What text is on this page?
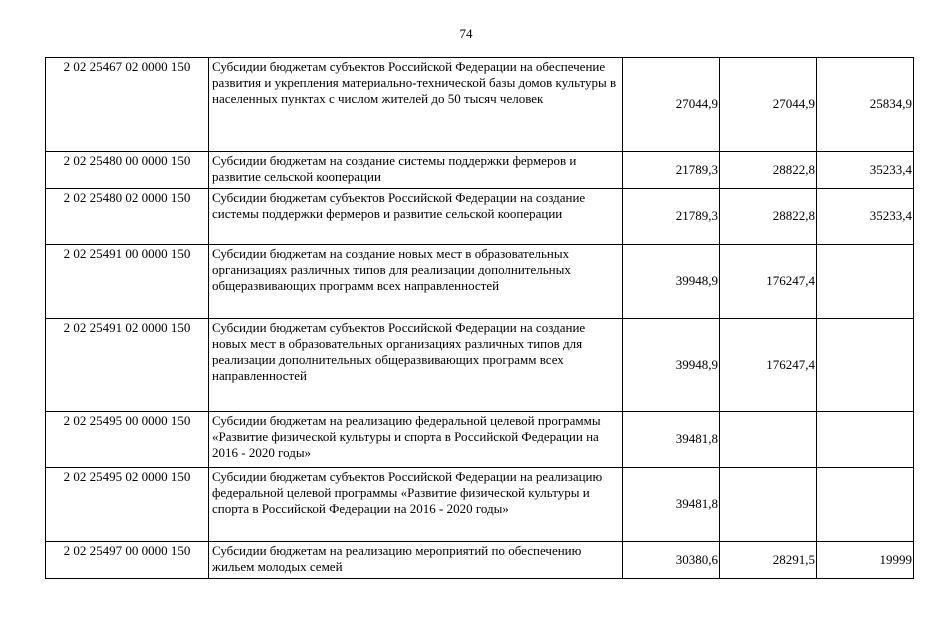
74
2 02 25467 02 0000 150	Субсидии бюджетам субъектов Российской Федерации на обеспечение развития и укрепления материально-технической базы домов культуры в населенных пунктах с числом жителей до 50 тысяч человек	27044,9	27044,9	25834,9
2 02 25480 00 0000 150	Субсидии бюджетам на создание системы поддержки фермеров и развитие сельской кооперации	21789,3	28822,8	35233,4
2 02 25480 02 0000 150	Субсидии бюджетам субъектов Российской Федерации на создание системы поддержки фермеров и развитие сельской кооперации	21789,3	28822,8	35233,4
2 02 25491 00 0000 150	Субсидии бюджетам на создание новых мест в образовательных организациях различных типов для реализации дополнительных общеразвивающих программ всех направленностей	39948,9	176247,4	
2 02 25491 02 0000 150	Субсидии бюджетам субъектов Российской Федерации на создание новых мест в образовательных организациях различных типов для реализации дополнительных общеразвивающих программ всех направленностей	39948,9	176247,4	
2 02 25495 00 0000 150	Субсидии бюджетам на реализацию федеральной целевой программы «Развитие физической культуры и спорта в Российской Федерации на 2016 - 2020 годы»	39481,8		
2 02 25495 02 0000 150	Субсидии бюджетам субъектов Российской Федерации на реализацию федеральной целевой программы «Развитие физической культуры и спорта в Российской Федерации на 2016 - 2020 годы»	39481,8		
2 02 25497 00 0000 150	Субсидии бюджетам на реализацию мероприятий по обеспечению жильем молодых семей	30380,6	28291,5	19999
